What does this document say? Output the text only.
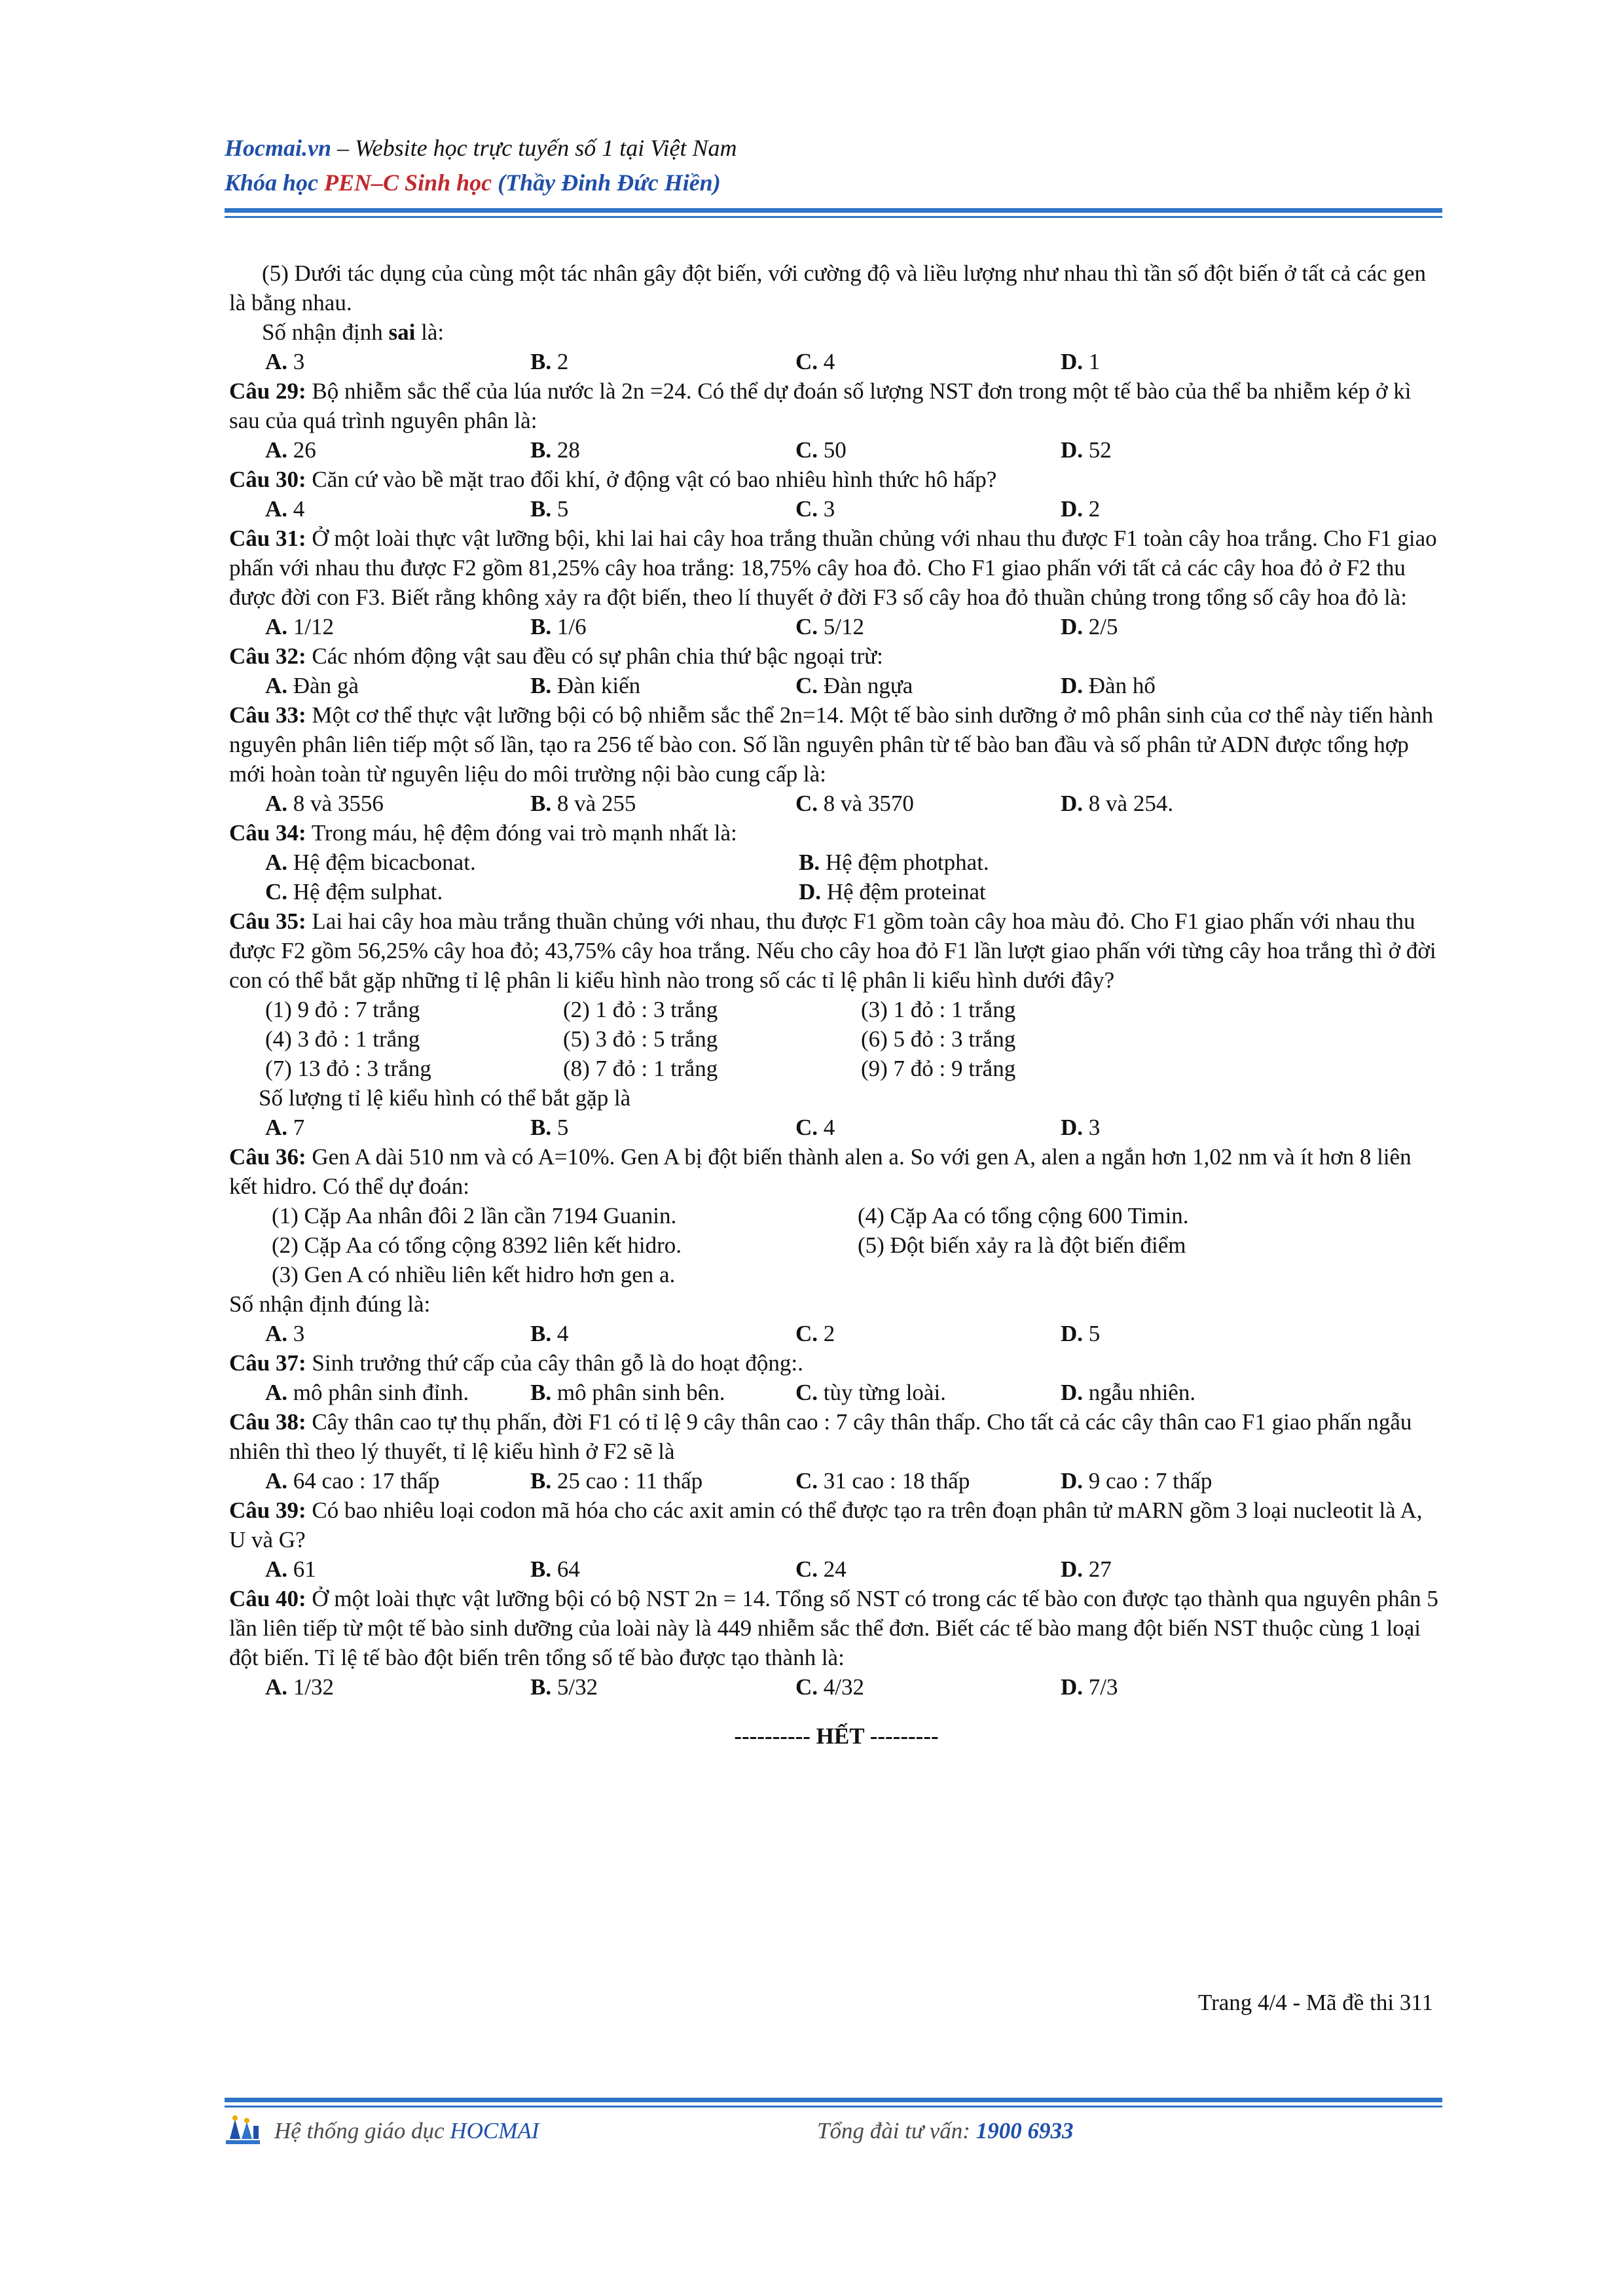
Hocmai.vn – Website học trực tuyến số 1 tại Việt Nam
Khóa học PEN–C Sinh học (Thầy Đinh Đức Hiền)

(5) Dưới tác dụng của cùng một tác nhân gây đột biến, với cường độ và liều lượng như nhau thì tần số đột biến ở tất cả các gen là bằng nhau.

Số nhận định sai là:

A. 3	B. 2	C. 4	D. 1

Câu 29: Bộ nhiễm sắc thể của lúa nước là 2n =24. Có thể dự đoán số lượng NST đơn trong một tế bào của thể ba nhiễm kép ở kì sau của quá trình nguyên phân là:

A. 26	B. 28	C. 50	D. 52

Câu 30: Căn cứ vào bề mặt trao đổi khí, ở động vật có bao nhiêu hình thức hô hấp?

A. 4	B. 5	C. 3	D. 2

Câu 31: Ở một loài thực vật lưỡng bội, khi lai hai cây hoa trắng thuần chủng với nhau thu được F1 toàn cây hoa trắng. Cho F1 giao phấn với nhau thu được F2 gồm 81,25% cây hoa trắng: 18,75% cây hoa đỏ. Cho F1 giao phấn với tất cả các cây hoa đỏ ở F2 thu được đời con F3. Biết rằng không xảy ra đột biến, theo lí thuyết ở đời F3 số cây hoa đỏ thuần chủng trong tổng số cây hoa đỏ là:

A. 1/12	B. 1/6	C. 5/12	D. 2/5

Câu 32: Các nhóm động vật sau đều có sự phân chia thứ bậc ngoại trừ:

A. Đàn gà	B. Đàn kiến	C. Đàn ngựa	D. Đàn hổ

Câu 33: Một cơ thể thực vật lưỡng bội có bộ nhiễm sắc thể 2n=14. Một tế bào sinh dưỡng ở mô phân sinh của cơ thể này tiến hành nguyên phân liên tiếp một số lần, tạo ra 256 tế bào con. Số lần nguyên phân từ tế bào ban đầu và số phân tử ADN được tổng hợp mới hoàn toàn từ nguyên liệu do môi trường nội bào cung cấp là:

A. 8 và 3556	B. 8 và 255	C. 8 và 3570	D. 8 và 254.

Câu 34: Trong máu, hệ đệm đóng vai trò mạnh nhất là:

A. Hệ đệm bicacbonat.	B. Hệ đệm photphat.
C. Hệ đệm sulphat.	D. Hệ đệm proteinat

Câu 35: Lai hai cây hoa màu trắng thuần chủng với nhau, thu được F1 gồm toàn cây hoa màu đỏ. Cho F1 giao phấn với nhau thu được F2 gồm 56,25% cây hoa đỏ; 43,75% cây hoa trắng. Nếu cho cây hoa đỏ F1 lần lượt giao phấn với từng cây hoa trắng thì ở đời con có thể bắt gặp những tỉ lệ phân li kiểu hình nào trong số các tỉ lệ phân li kiểu hình dưới đây?

(1) 9 đỏ : 7 trắng	(2) 1 đỏ : 3 trắng	(3) 1 đỏ : 1 trắng
(4) 3 đỏ : 1 trắng	(5) 3 đỏ : 5 trắng	(6) 5 đỏ : 3 trắng
(7) 13 đỏ : 3 trắng	(8) 7 đỏ : 1 trắng	(9) 7 đỏ : 9 trắng

Số lượng tỉ lệ kiểu hình có thể bắt gặp là

A. 7	B. 5	C. 4	D. 3

Câu 36: Gen A dài 510 nm và có A=10%. Gen A bị đột biến thành alen a. So với gen A, alen a ngắn hơn 1,02 nm và ít hơn 8 liên kết hidro. Có thể dự đoán:

(1) Cặp Aa nhân đôi 2 lần cần 7194 Guanin.	(4) Cặp Aa có tổng cộng 600 Timin.
(2) Cặp Aa có tổng cộng 8392 liên kết hidro.	(5) Đột biến xảy ra là đột biến điểm

(3) Gen A có nhiều liên kết hidro hơn gen a.

Số nhận định đúng là:

A. 3	B. 4	C. 2	D. 5

Câu 37: Sinh trưởng thứ cấp của cây thân gỗ là do hoạt động:.

A. mô phân sinh đỉnh.	B. mô phân sinh bên.	C. tùy từng loài.	D. ngẫu nhiên.

Câu 38: Cây thân cao tự thụ phấn, đời F1 có tỉ lệ 9 cây thân cao : 7 cây thân thấp. Cho tất cả các cây thân cao F1 giao phấn ngẫu nhiên thì theo lý thuyết, tỉ lệ kiểu hình ở F2 sẽ là

A. 64 cao : 17 thấp	B. 25 cao : 11 thấp	C. 31 cao : 18 thấp	D. 9 cao : 7 thấp

Câu 39: Có bao nhiêu loại codon mã hóa cho các axit amin có thể được tạo ra trên đoạn phân tử mARN gồm 3 loại nucleotit là A, U và G?

A. 61	B. 64	C. 24	D. 27

Câu 40: Ở một loài thực vật lưỡng bội có bộ NST 2n = 14. Tổng số NST có trong các tế bào con được tạo thành qua nguyên phân 5 lần liên tiếp từ một tế bào sinh dưỡng của loài này là 449 nhiễm sắc thể đơn. Biết các tế bào mang đột biến NST thuộc cùng 1 loại đột biến. Tỉ lệ tế bào đột biến trên tổng số tế bào được tạo thành là:

A. 1/32	B. 5/32	C. 4/32	D. 7/3
---------- HẾT ---------
Trang 4/4 - Mã đề thi 311
Hệ thống giáo dục HOCMAI	Tổng đài tư vấn: 1900 6933
